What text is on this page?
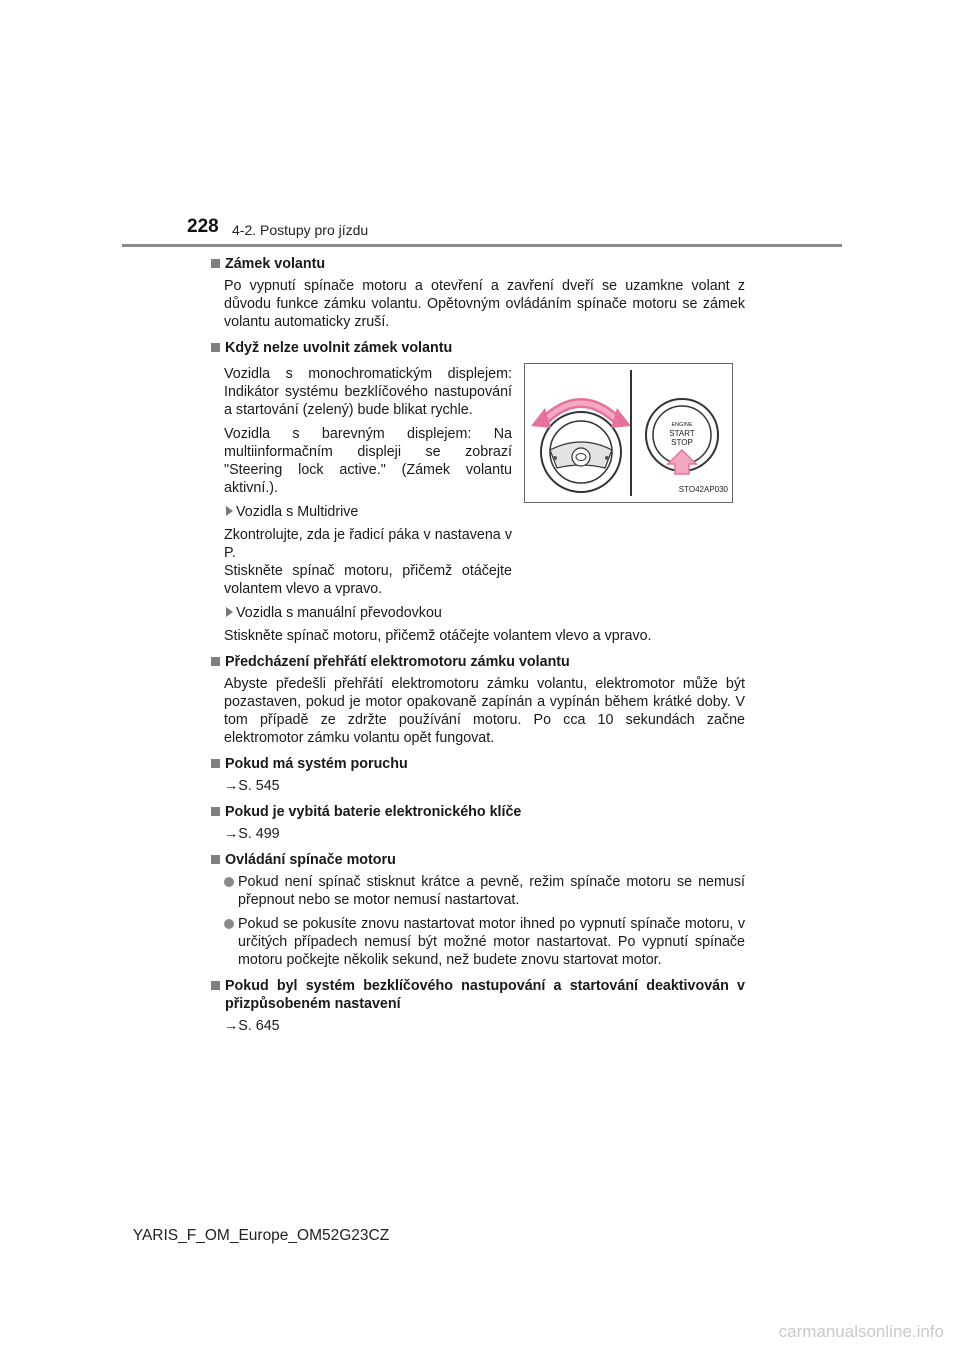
228 4-2. Postupy pro jízdu
Zámek volantu
Po vypnutí spínače motoru a otevření a zavření dveří se uzamkne volant z důvodu funkce zámku volantu. Opětovným ovládáním spínače motoru se zámek volantu automaticky zruší.
Když nelze uvolnit zámek volantu
Vozidla s monochromatickým displejem: Indikátor systému bezklíčového nastupování a startování (zelený) bude blikat rychle.
Vozidla s barevným displejem: Na multiinformačním displeji se zobrazí "Steering lock active." (Zámek volantu aktivní.).
Vozidla s Multidrive
Zkontrolujte, zda je řadicí páka v nastavena v P.
Stiskněte spínač motoru, přičemž otáčejte volantem vlevo a vpravo.
ENGINE
START
STOP
STO42AP030
Vozidla s manuální převodovkou
Stiskněte spínač motoru, přičemž otáčejte volantem vlevo a vpravo.
Předcházení přehřátí elektromotoru zámku volantu
Abyste předešli přehřátí elektromotoru zámku volantu, elektromotor může být pozastaven, pokud je motor opakovaně zapínán a vypínán během krátké doby. V tom případě ze zdržte používání motoru. Po cca 10 sekundách začne elektromotor zámku volantu opět fungovat.
Pokud má systém poruchu
→S. 545
Pokud je vybitá baterie elektronického klíče
→S. 499
Ovládání spínače motoru
Pokud není spínač stisknut krátce a pevně, režim spínače motoru se nemusí přepnout nebo se motor nemusí nastartovat.
Pokud se pokusíte znovu nastartovat motor ihned po vypnutí spínače motoru, v určitých případech nemusí být možné motor nastartovat. Po vypnutí spínače motoru počkejte několik sekund, než budete znovu startovat motor.
Pokud byl systém bezklíčového nastupování a startování deaktivován v přizpůsobeném nastavení
→S. 645
YARIS_F_OM_Europe_OM52G23CZ
carmanualsonline.info
